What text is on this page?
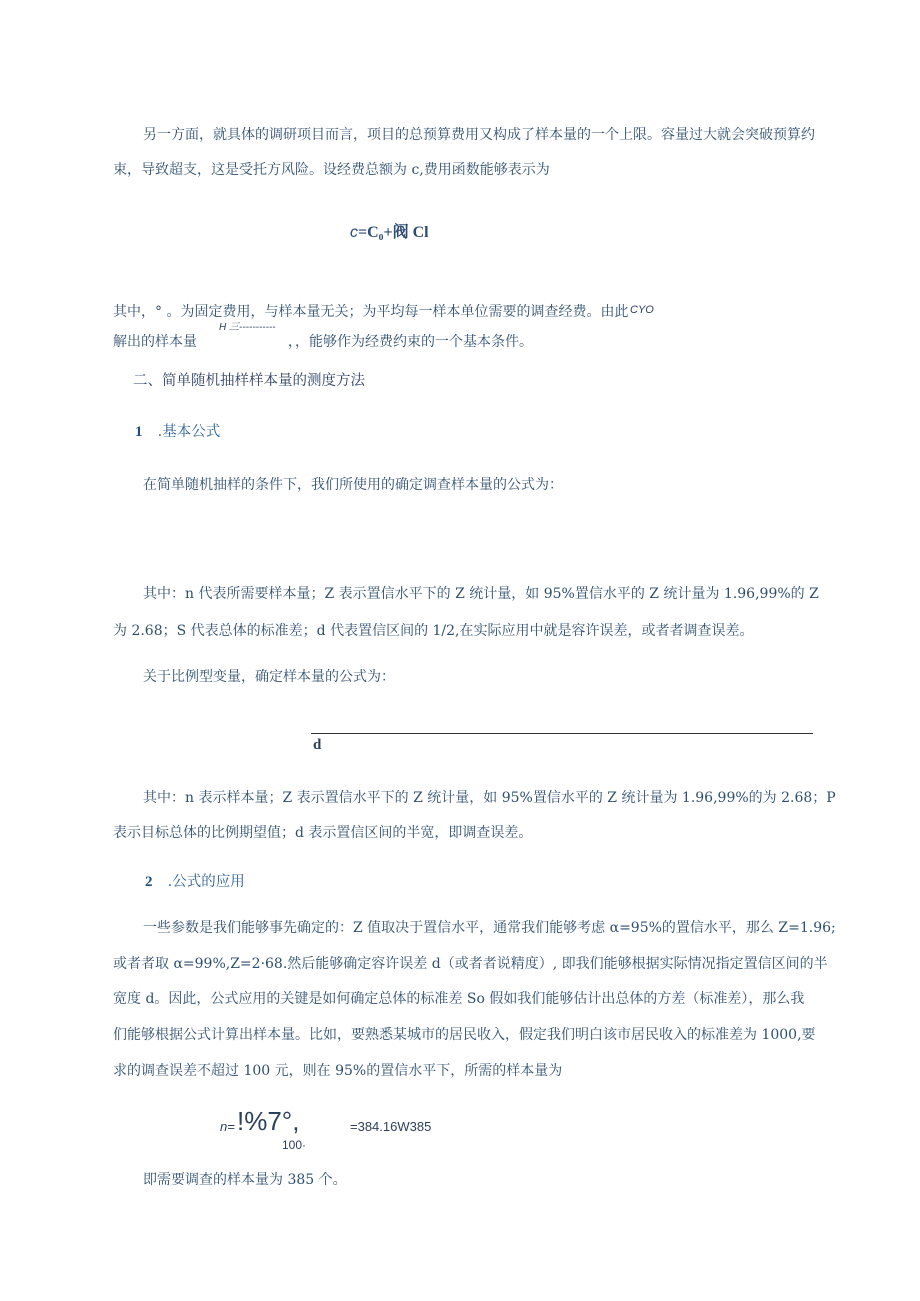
另一方面，就具体的调研项目而言，项目的总预算费用又构成了样本量的一个上限。容量过大就会突破预算约
束，导致超支，这是受托方风险。设经费总额为 c,费用函数能够表示为
c=C₀+阀 Cl
其中，° 。为固定费用，与样本量无关；为平均每一样本单位需要的调查经费。由此 CYO
H 三-----------
解出的样本量	，，能够作为经费约束的一个基本条件。
二、简单随机抽样样本量的测度方法
1 .基本公式
在简单随机抽样的条件下，我们所使用的确定调查样本量的公式为：
其中：n 代表所需要样本量；Z 表示置信水平下的 Z 统计量，如 95%置信水平的 Z 统计量为 1.96,99%的 Z
为 2.68；S 代表总体的标准差；d 代表置信区间的 1/2,在实际应用中就是容许误差，或者者调查误差。
关于比例型变量，确定样本量的公式为：
d
其中：n 表示样本量；Z 表示置信水平下的 Z 统计量，如 95%置信水平的 Z 统计量为 1.96,99%的为 2.68；P
表示目标总体的比例期望值；d 表示置信区间的半宽，即调查误差。
2 .公式的应用
一些参数是我们能够事先确定的：Z 值取决于置信水平，通常我们能够考虑 α=95%的置信水平，那么 Z=1.96;
或者者取 α=99%,Z=2·68.然后能够确定容许误差 d（或者者说精度）, 即我们能够根据实际情况指定置信区间的半
宽度 d。因此，公式应用的关键是如何确定总体的标准差 So 假如我们能够估计出总体的方差（标准差），那么我
们能够根据公式计算出样本量。比如，要熟悉某城市的居民收入，假定我们明白该市居民收入的标准差为 1000,要
求的调查误差不超过 100 元，则在 95%的置信水平下，所需的样本量为
n= !%7°,
100·
=384.16W385
即需要调查的样本量为 385 个。
